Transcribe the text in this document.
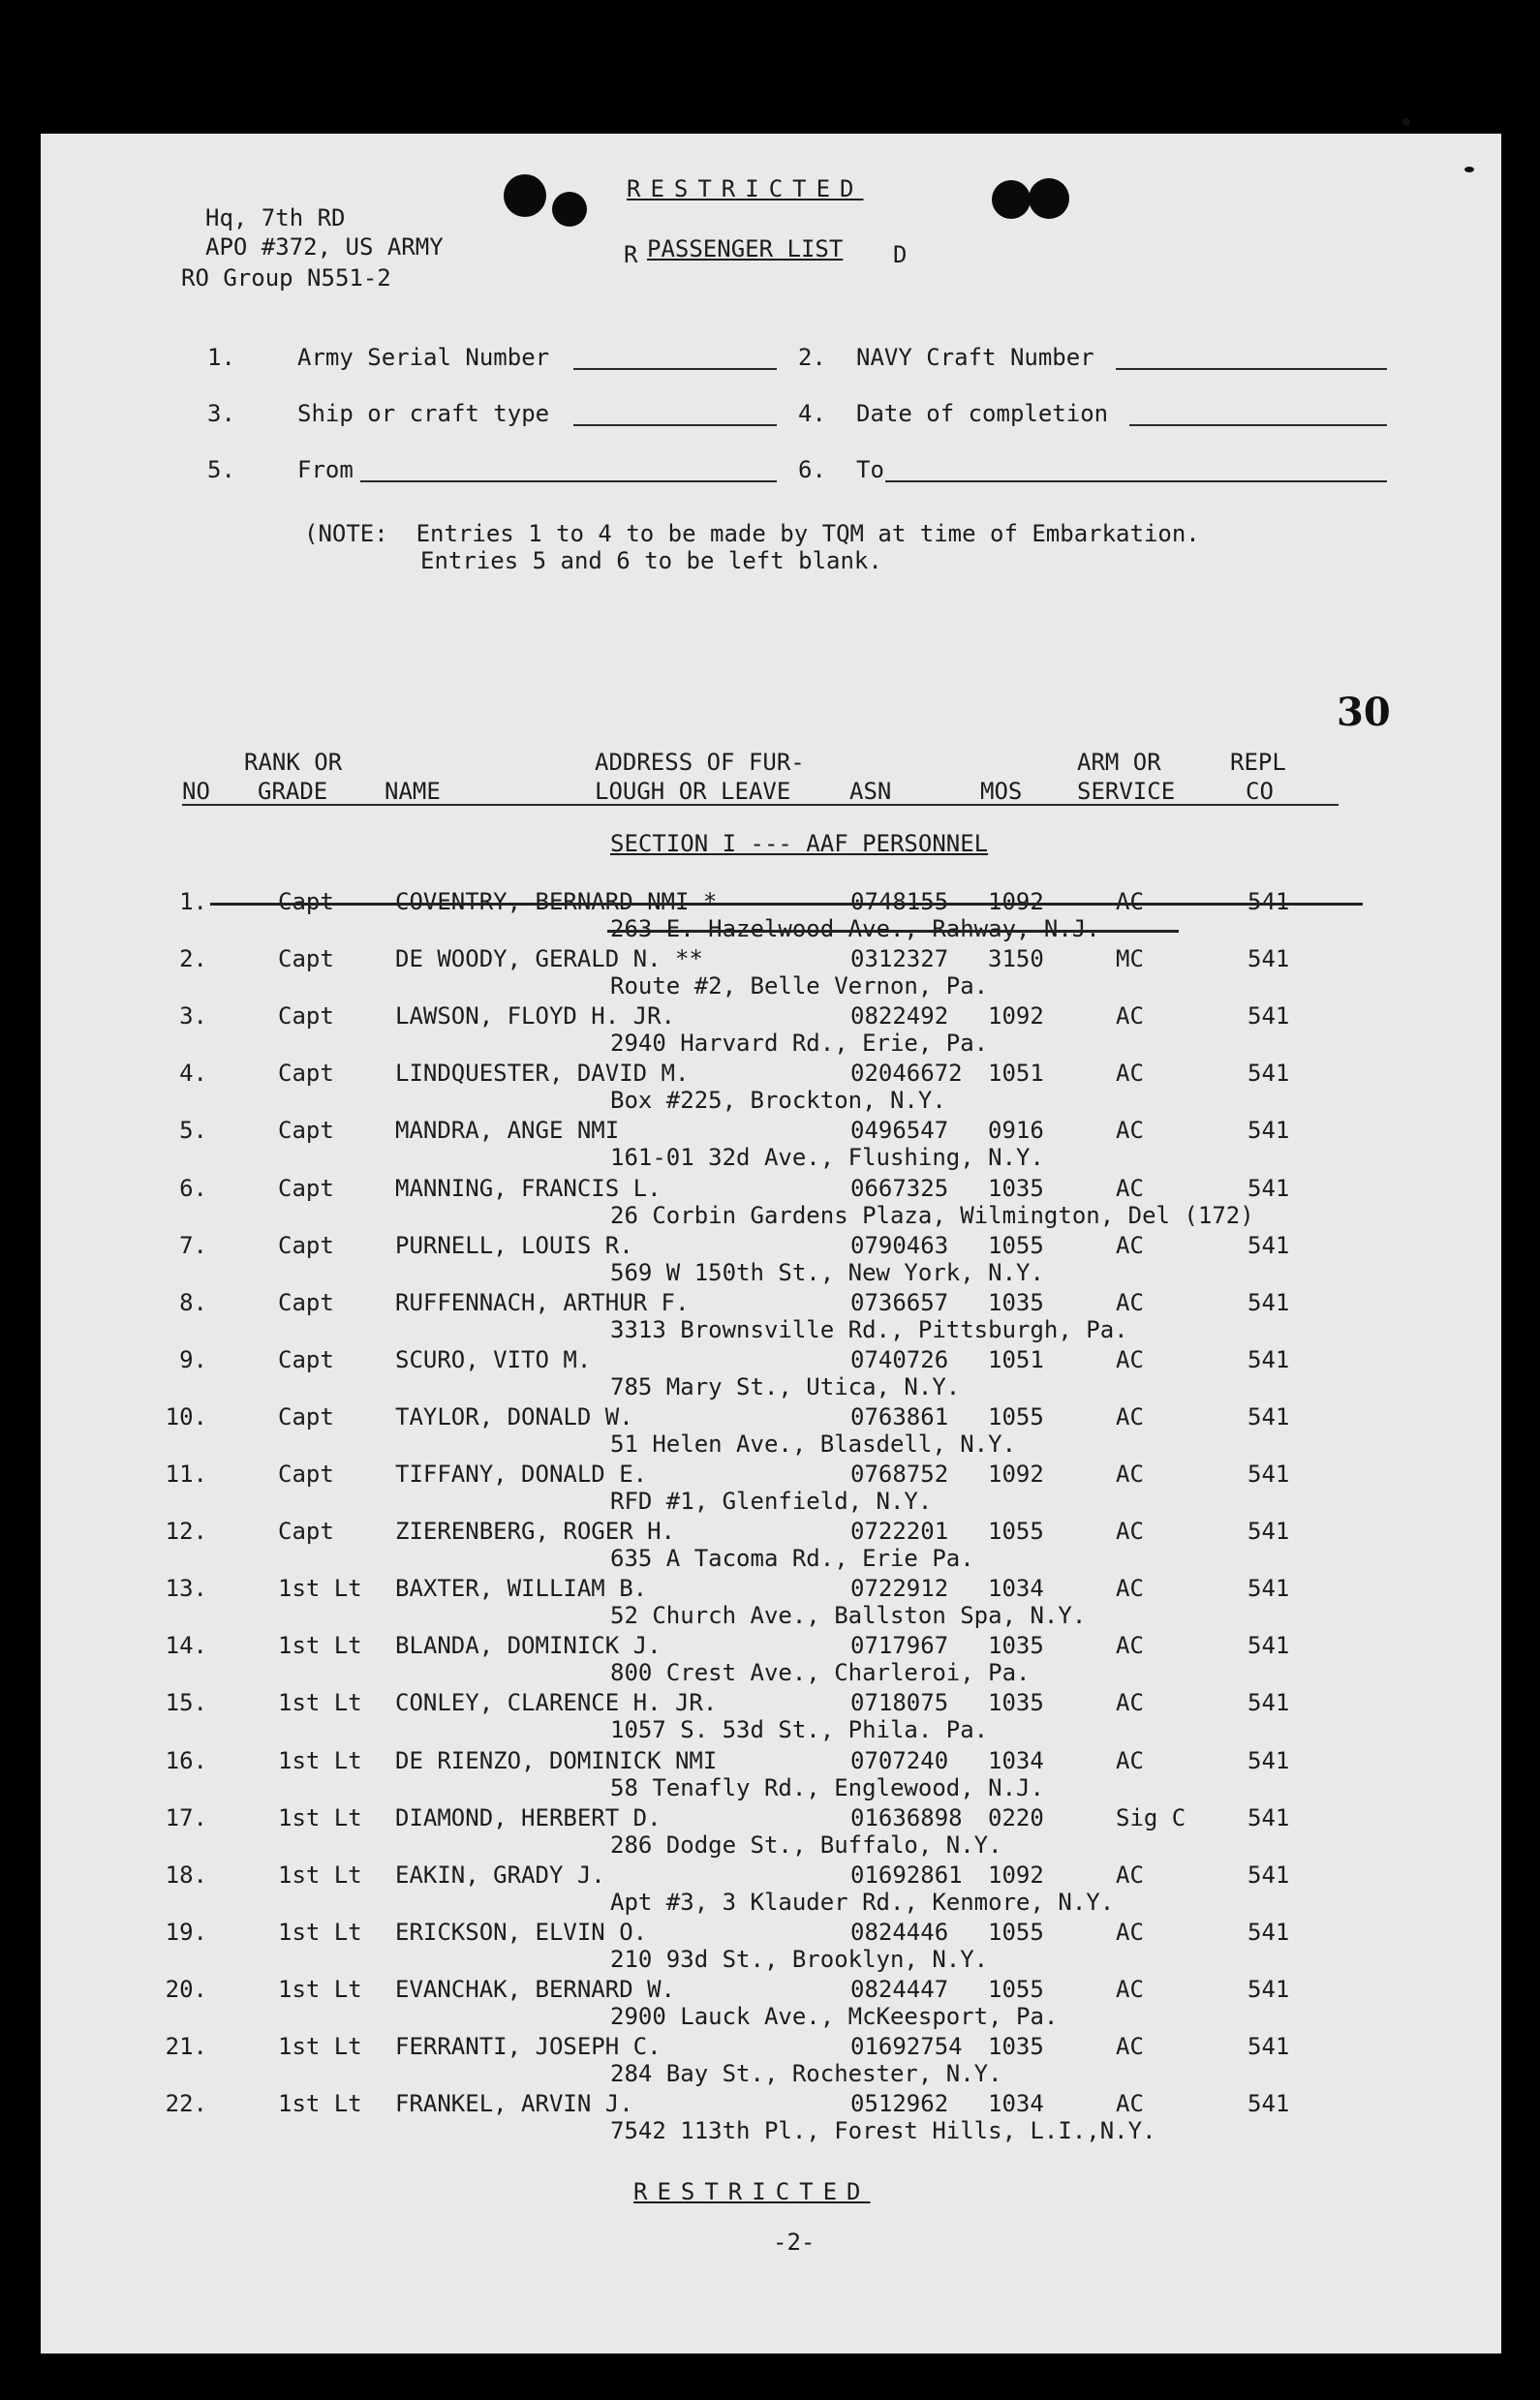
Hq, 7th RD
APO #372, US ARMY
RO Group N551-2
RESTRICTED
R PASSENGER LIST D
1.	Army Serial Number	2. NAVY Craft Number
3.	Ship or craft type	4. Date of completion
5.	From	6. To
(NOTE:  Entries 1 to 4 to be made by TQM at time of Embarkation.
Entries 5 and 6 to be left blank.
30
RANK OR	ADDRESS OF FUR-	ARM OR	REPL
NO GRADE NAME	LOUGH OR LEAVE	ASN	MOS SERVICE	CO
SECTION I --- AAF PERSONNEL
1.	Capt	COVENTRY, BERNARD NMI *	0748155 1092	AC	541
263 E. Hazelwood Ave., Rahway, N.J.
2.	Capt	DE WOODY, GERALD N. **	0312327 3150	MC	541
Route #2, Belle Vernon, Pa.
3.	Capt	LAWSON, FLOYD H. JR.	0822492 1092	AC	541
2940 Harvard Rd., Erie, Pa.
4.	Capt	LINDQUESTER, DAVID M.	02046672 1051	AC	541
Box #225, Brockton, N.Y.
5.	Capt	MANDRA, ANGE NMI	0496547 0916	AC	541
161-01 32d Ave., Flushing, N.Y.
6.	Capt	MANNING, FRANCIS L.	0667325 1035	AC	541
26 Corbin Gardens Plaza, Wilmington, Del (172)
7.	Capt	PURNELL, LOUIS R.	0790463 1055	AC	541
569 W 150th St., New York, N.Y.
8.	Capt	RUFFENNACH, ARTHUR F.	0736657 1035	AC	541
3313 Brownsville Rd., Pittsburgh, Pa.
9.	Capt	SCURO, VITO M.	0740726 1051	AC	541
785 Mary St., Utica, N.Y.
10.	Capt	TAYLOR, DONALD W.	0763861 1055	AC	541
51 Helen Ave., Blasdell, N.Y.
11.	Capt	TIFFANY, DONALD E.	0768752 1092	AC	541
RFD #1, Glenfield, N.Y.
12.	Capt	ZIERENBERG, ROGER H.	0722201 1055	AC	541
635 A Tacoma Rd., Erie Pa.
13.	1st Lt BAXTER, WILLIAM B.	0722912 1034	AC	541
52 Church Ave., Ballston Spa, N.Y.
14.	1st Lt BLANDA, DOMINICK J.	0717967 1035	AC	541
800 Crest Ave., Charleroi, Pa.
15.	1st Lt CONLEY, CLARENCE H. JR.	0718075 1035	AC	541
1057 S. 53d St., Phila. Pa.
16.	1st Lt DE RIENZO, DOMINICK NMI	0707240 1034	AC	541
58 Tenafly Rd., Englewood, N.J.
17.	1st Lt DIAMOND, HERBERT D.	01636898 0220	Sig C	541
286 Dodge St., Buffalo, N.Y.
18.	1st Lt EAKIN, GRADY J.	01692861 1092	AC	541
Apt #3, 3 Klauder Rd., Kenmore, N.Y.
19.	1st Lt ERICKSON, ELVIN O.	0824446 1055	AC	541
210 93d St., Brooklyn, N.Y.
20.	1st Lt EVANCHAK, BERNARD W.	0824447 1055	AC	541
2900 Lauck Ave., McKeesport, Pa.
21.	1st Lt FERRANTI, JOSEPH C.	01692754 1035	AC	541
284 Bay St., Rochester, N.Y.
22.	1st Lt FRANKEL, ARVIN J.	0512962 1034	AC	541
7542 113th Pl., Forest Hills, L.I.,N.Y.
RESTRICTED
-2-
